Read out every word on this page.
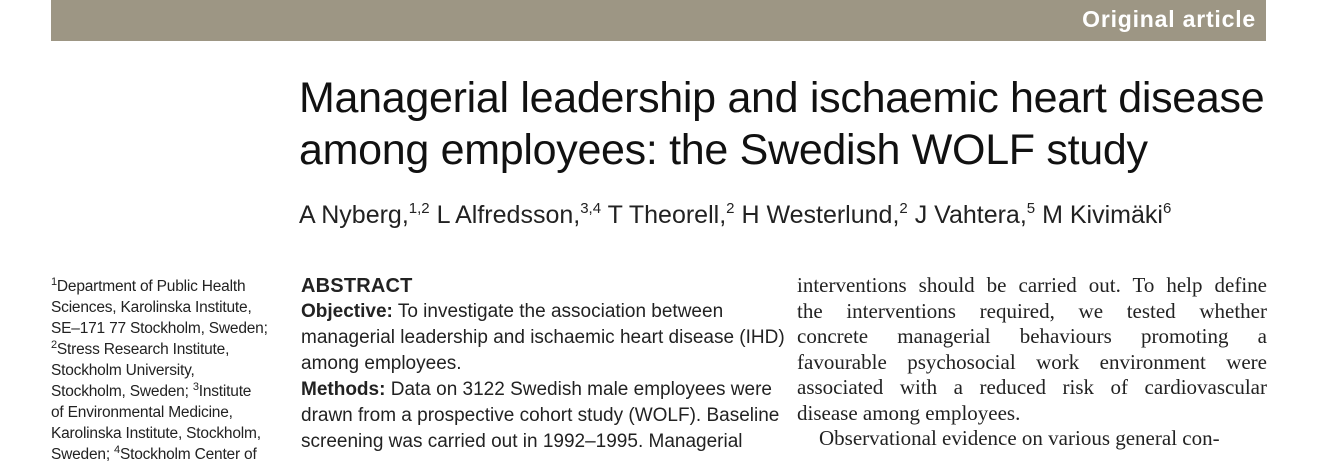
Original article
Managerial leadership and ischaemic heart disease
among employees: the Swedish WOLF study
A Nyberg,$^{1,2}$ L Alfredsson,$^{3,4}$ T Theorell,$^2$ H Westerlund,$^2$ J Vahtera,$^5$ M Kivimäki$^6$
$^1$Department of Public Health
Sciences, Karolinska Institute,
SE–171 77 Stockholm, Sweden;
$^2$Stress Research Institute,
Stockholm University,
Stockholm, Sweden; $^3$Institute
of Environmental Medicine,
Karolinska Institute, Stockholm,
Sweden; $^4$Stockholm Center of
ABSTRACT
Objective: To investigate the association between
managerial leadership and ischaemic heart disease (IHD)
among employees.
Methods: Data on 3122 Swedish male employees were
drawn from a prospective cohort study (WOLF). Baseline
screening was carried out in 1992–1995. Managerial
interventions should be carried out. To help define
the interventions required, we tested whether
concrete managerial behaviours promoting a
favourable psychosocial work environment were
associated with a reduced risk of cardiovascular
disease among employees.
Observational evidence on various general con-
